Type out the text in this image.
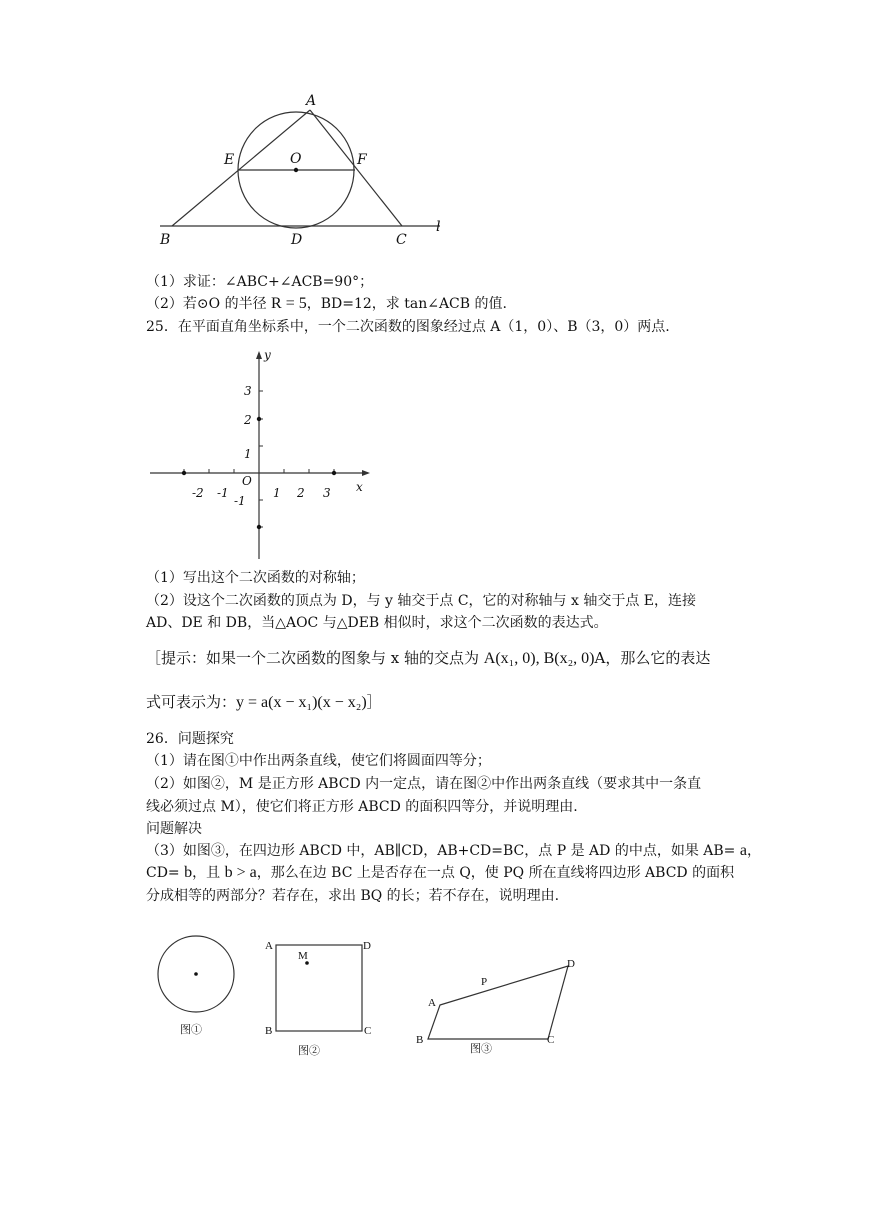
A
E	O	F
B	D	C
l
（1）求证：∠ABC+∠ACB=90°；
（2）若⊙O 的半径 R = 5，BD=12，求 tan∠ACB 的值.
25．在平面直角坐标系中，一个二次函数的图象经过点 A（1，0）、B（3，0）两点.
y
x
O
3
2
1
-1
-2 -1	1 2 3
（1）写出这个二次函数的对称轴；
（2）设这个二次函数的顶点为 D，与 y 轴交于点 C，它的对称轴与 x 轴交于点 E，连接
AD、DE 和 DB，当△AOC 与△DEB 相似时，求这个二次函数的表达式。
［提示：如果一个二次函数的图象与 x 轴的交点为 A(x₁, 0), B(x₂, 0)A，那么它的表达
式可表示为：y = a(x − x₁)(x − x₂)］
26．问题探究
（1）请在图①中作出两条直线，使它们将圆面四等分；
（2）如图②，M 是正方形 ABCD 内一定点，请在图②中作出两条直线（要求其中一条直
线必须过点 M），使它们将正方形 ABCD 的面积四等分，并说明理由.
问题解决
（3）如图③，在四边形 ABCD 中，AB∥CD，AB+CD=BC，点 P 是 AD 的中点，如果 AB= a，
CD= b，且 b > a，那么在边 BC 上是否存在一点 Q，使 PQ 所在直线将四边形 ABCD 的面积
分成相等的两部分？若存在，求出 BQ 的长；若不存在，说明理由.
图①
A	D
M
B	C
图②
A
P
D
B	C
图③
